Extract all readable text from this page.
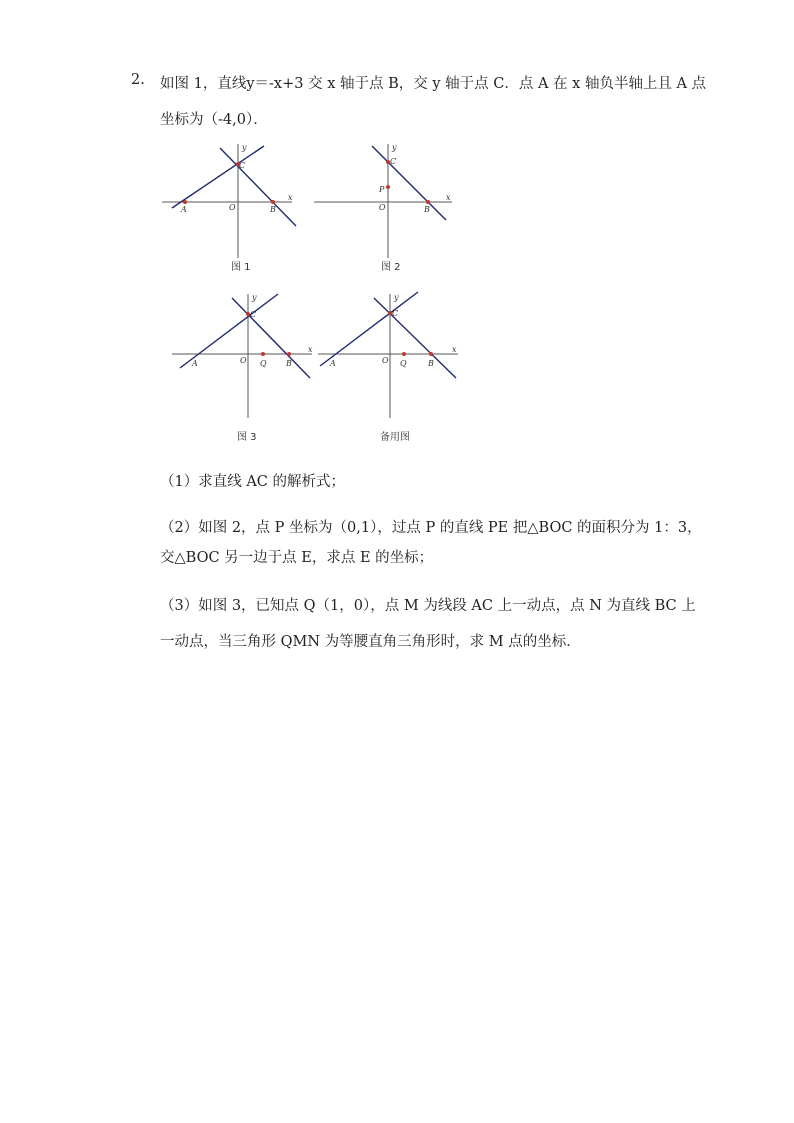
2. 如图 1，直线y＝-x+3 交 x 轴于点 B，交 y 轴于点 C．点 A 在 x 轴负半轴上且 A 点
坐标为（-4,0）．
y
x
O
A	B
C
图 1
y
x
O	B
C
P
图 2
y
x
O
A	Q B
C
图 3
y
x
O
A	Q	B
C
备用图
（1）求直线 AC 的解析式；
（2）如图 2，点 P 坐标为（0,1），过点 P 的直线 PE 把△BOC 的面积分为 1：3，
交△BOC 另一边于点 E，求点 E 的坐标；
（3）如图 3，已知点 Q（1，0），点 M 为线段 AC 上一动点，点 N 为直线 BC 上
一动点，当三角形 QMN 为等腰直角三角形时，求 M 点的坐标．
